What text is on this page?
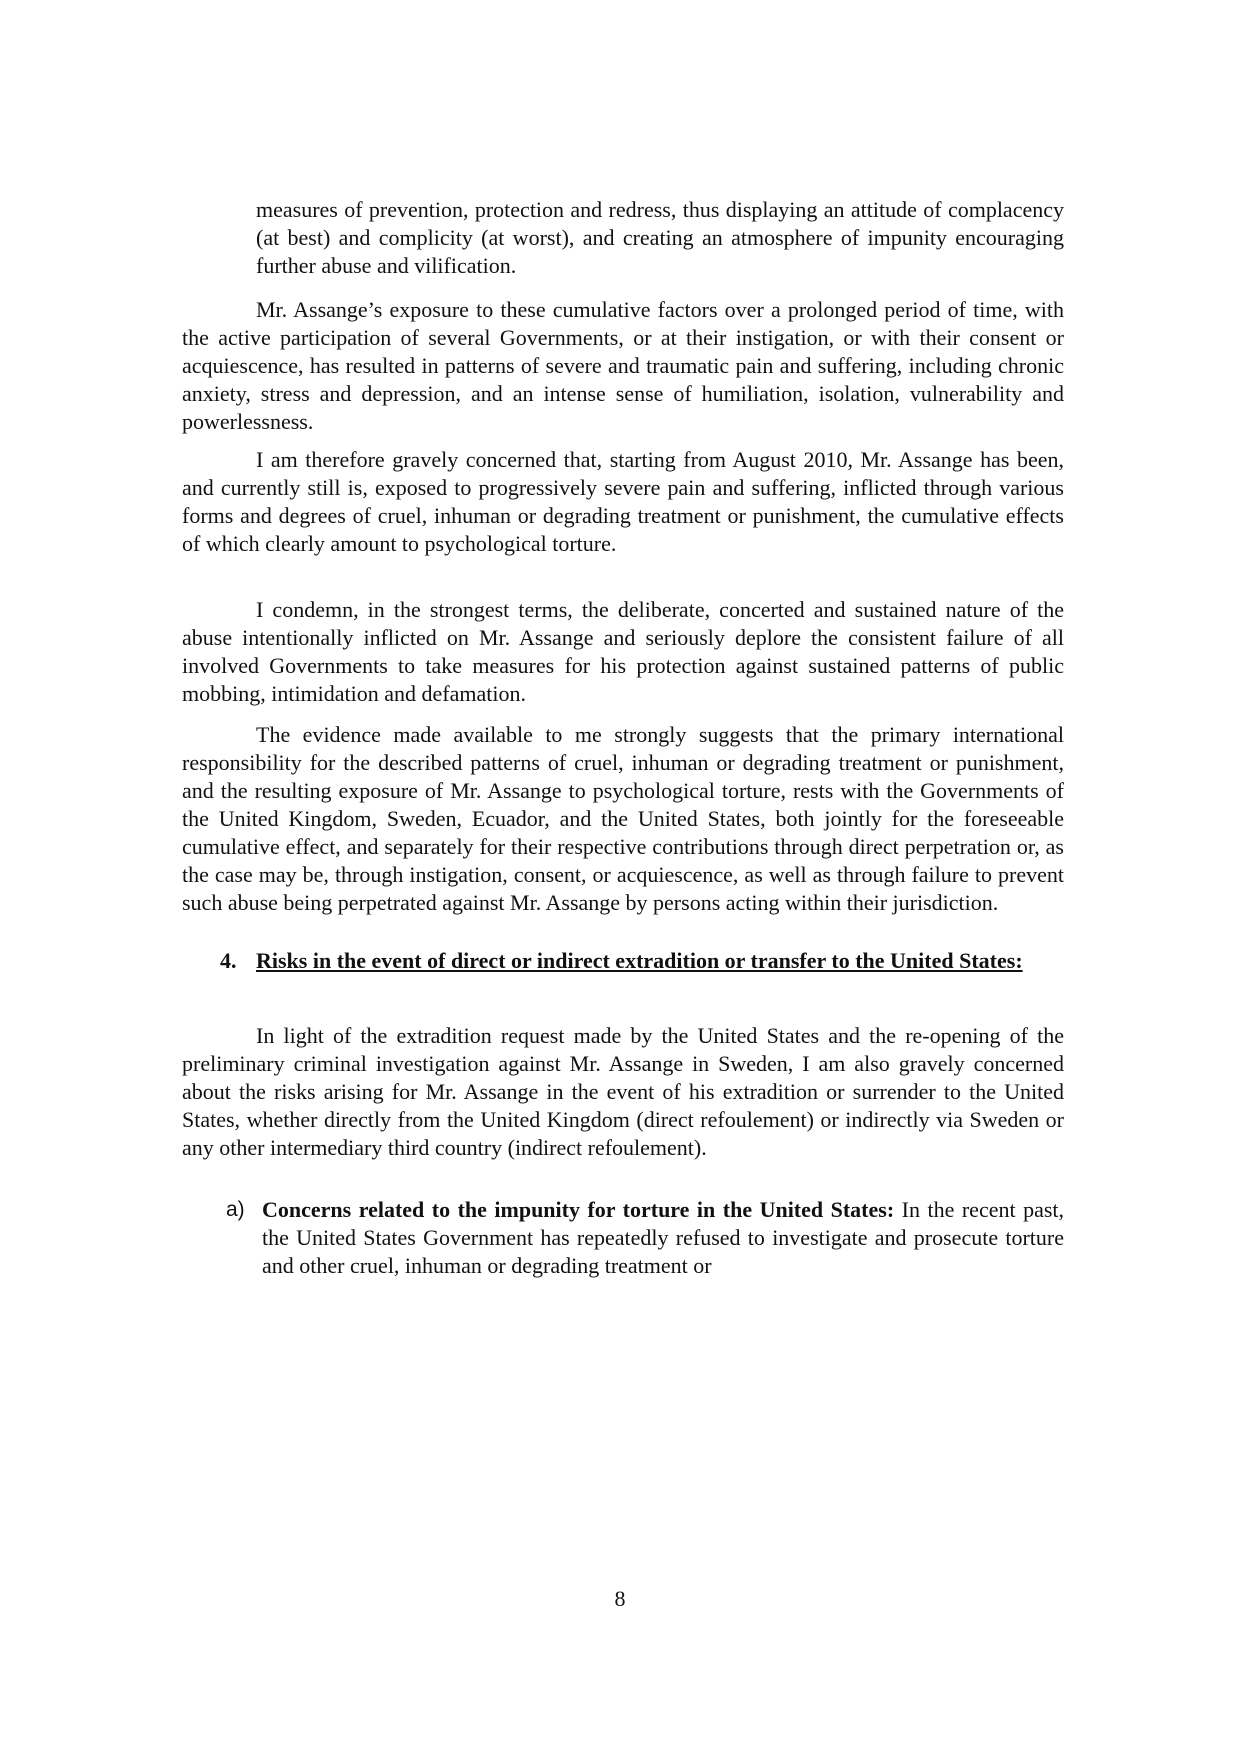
measures of prevention, protection and redress, thus displaying an attitude of complacency (at best) and complicity (at worst), and creating an atmosphere of impunity encouraging further abuse and vilification.

Mr. Assange’s exposure to these cumulative factors over a prolonged period of time, with the active participation of several Governments, or at their instigation, or with their consent or acquiescence, has resulted in patterns of severe and traumatic pain and suffering, including chronic anxiety, stress and depression, and an intense sense of humiliation, isolation, vulnerability and powerlessness.

I am therefore gravely concerned that, starting from August 2010, Mr. Assange has been, and currently still is, exposed to progressively severe pain and suffering, inflicted through various forms and degrees of cruel, inhuman or degrading treatment or punishment, the cumulative effects of which clearly amount to psychological torture.

I condemn, in the strongest terms, the deliberate, concerted and sustained nature of the abuse intentionally inflicted on Mr. Assange and seriously deplore the consistent failure of all involved Governments to take measures for his protection against sustained patterns of public mobbing, intimidation and defamation.

The evidence made available to me strongly suggests that the primary international responsibility for the described patterns of cruel, inhuman or degrading treatment or punishment, and the resulting exposure of Mr. Assange to psychological torture, rests with the Governments of the United Kingdom, Sweden, Ecuador, and the United States, both jointly for the foreseeable cumulative effect, and separately for their respective contributions through direct perpetration or, as the case may be, through instigation, consent, or acquiescence, as well as through failure to prevent such abuse being perpetrated against Mr. Assange by persons acting within their jurisdiction.

4. Risks in the event of direct or indirect extradition or transfer to the United States:

In light of the extradition request made by the United States and the re-opening of the preliminary criminal investigation against Mr. Assange in Sweden, I am also gravely concerned about the risks arising for Mr. Assange in the event of his extradition or surrender to the United States, whether directly from the United Kingdom (direct refoulement) or indirectly via Sweden or any other intermediary third country (indirect refoulement).

a) Concerns related to the impunity for torture in the United States: In the recent past, the United States Government has repeatedly refused to investigate and prosecute torture and other cruel, inhuman or degrading treatment or
8
